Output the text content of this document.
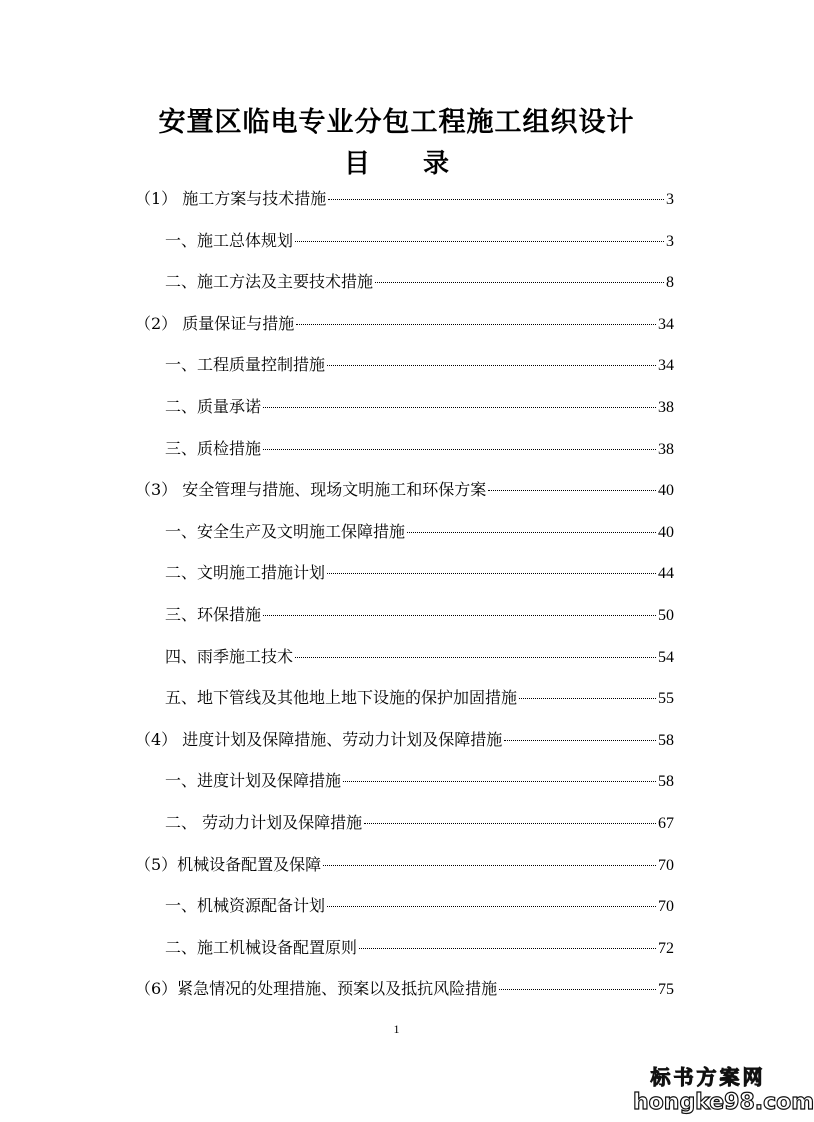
安置区临电专业分包工程施工组织设计
目 录
（1） 施工方案与技术措施	3
一、施工总体规划	3
二、施工方法及主要技术措施	8
（2） 质量保证与措施	34
一、工程质量控制措施	34
二、质量承诺	38
三、质检措施	38
（3） 安全管理与措施、现场文明施工和环保方案	40
一、安全生产及文明施工保障措施	40
二、文明施工措施计划	44
三、环保措施	50
四、雨季施工技术	54
五、地下管线及其他地上地下设施的保护加固措施	55
（4） 进度计划及保障措施、劳动力计划及保障措施	58
一、进度计划及保障措施	58
二、 劳动力计划及保障措施	67
（5）机械设备配置及保障	70
一、机械资源配备计划	70
二、施工机械设备配置原则	72
（6）紧急情况的处理措施、预案以及抵抗风险措施	75
1
标书方案网
hongke98.com
